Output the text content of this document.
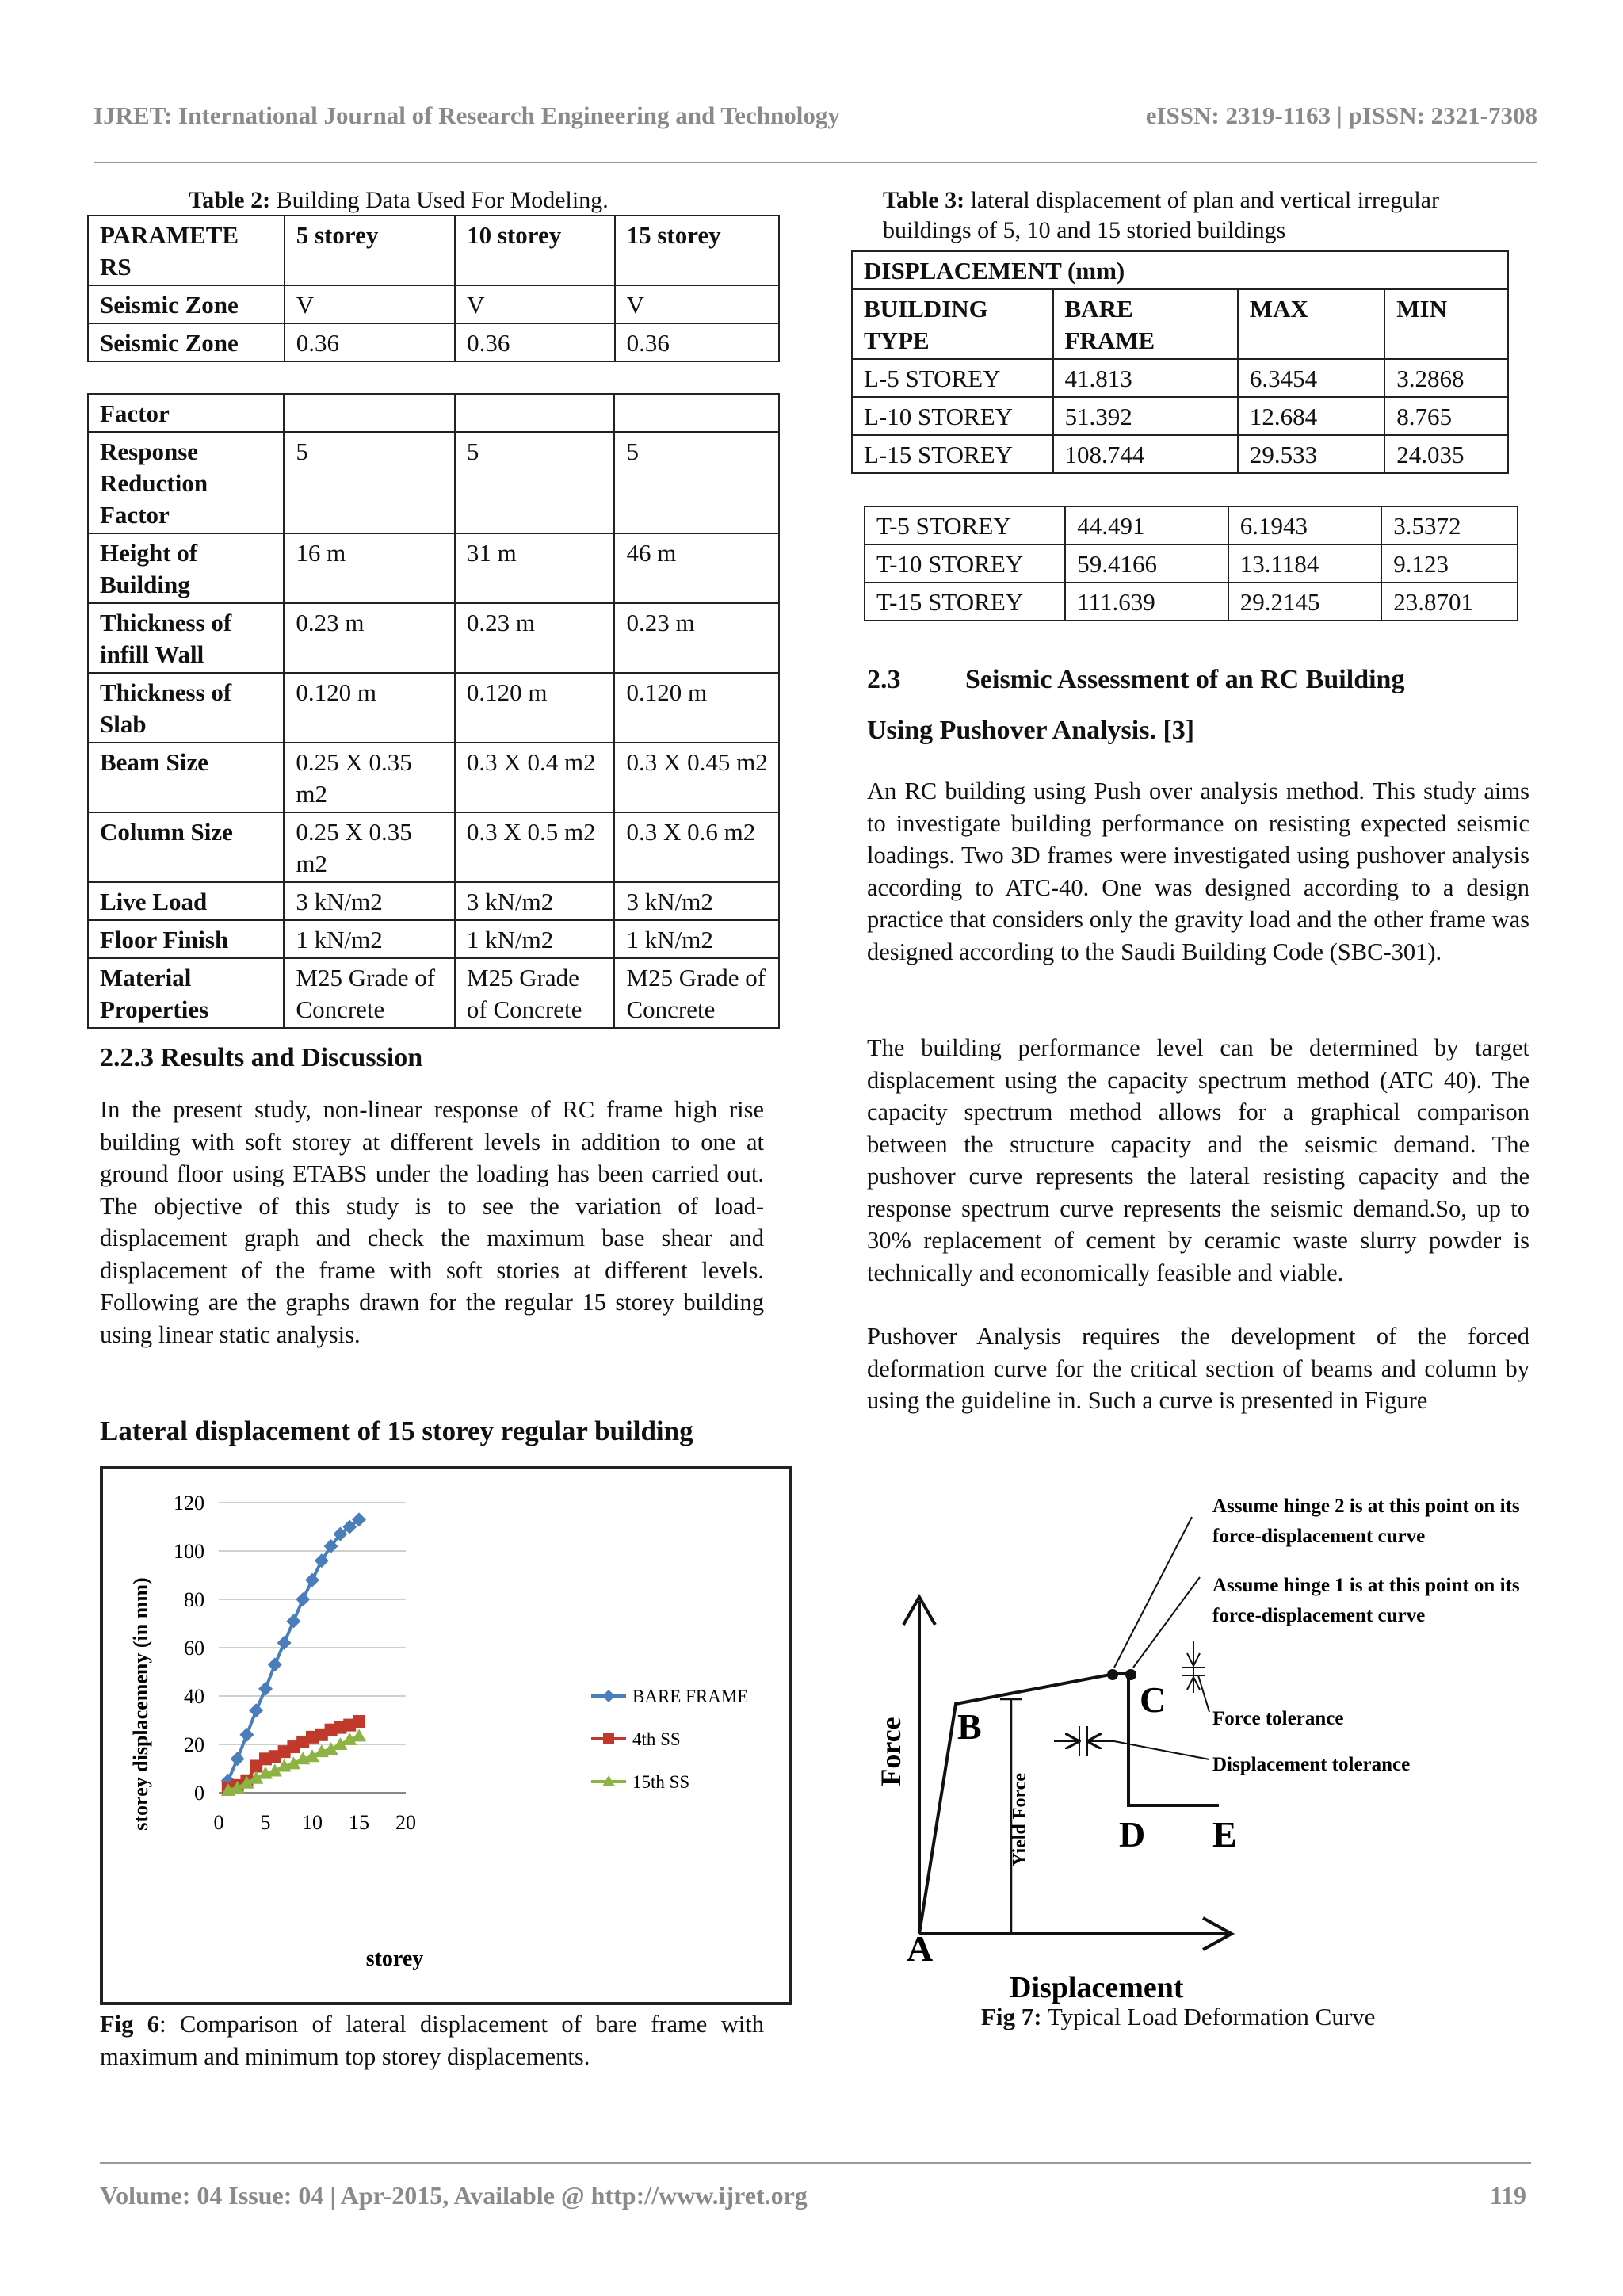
IJRET: International Journal of Research Engineering and Technology	eISSN: 2319-1163 | pISSN: 2321-7308
Table 2: Building Data Used For Modeling.
PARAMETE RS	5 storey	10 storey	15 storey
Seismic Zone	V	V	V
Seismic Zone	0.36	0.36	0.36
Factor			
Response Reduction Factor	5	5	5
Height of Building	16 m	31 m	46 m
Thickness of infill Wall	0.23 m	0.23 m	0.23 m
Thickness of Slab	0.120 m	0.120 m	0.120 m
Beam Size	0.25 X 0.35 m2	0.3 X 0.4 m2	0.3 X 0.45 m2
Column Size	0.25 X 0.35 m2	0.3 X 0.5 m2	0.3 X 0.6 m2
Live Load	3 kN/m2	3 kN/m2	3 kN/m2
Floor Finish	1 kN/m2	1 kN/m2	1 kN/m2
Material Properties	M25 Grade of Concrete	M25 Grade of Concrete	M25 Grade of Concrete
2.2.3 Results and Discussion
In the present study, non-linear response of RC frame high rise building with soft storey at different levels in addition to one at ground floor using ETABS under the loading has been carried out. The objective of this study is to see the variation of load- displacement graph and check the maximum base shear and displacement of the frame with soft stories at different levels. Following are the graphs drawn for the regular 15 storey building using linear static analysis.
Lateral displacement of 15 storey regular building
0
20
40
60
80
100
120
0 5 10 15 20
BARE FRAME
4th SS
15th SS
storey displacemeny (in mm)
storey
Fig 6: Comparison of lateral displacement of bare frame with maximum and minimum top storey displacements.
Table 3: lateral displacement of plan and vertical irregular buildings of 5, 10 and 15 storied buildings
DISPLACEMENT (mm)			
BUILDING TYPE	BARE FRAME	MAX	MIN
L-5 STOREY	41.813	6.3454	3.2868
L-10 STOREY	51.392	12.684	8.765
L-15 STOREY	108.744	29.533	24.035
T-5 STOREY	44.491	6.1943	3.5372
T-10 STOREY	59.4166	13.1184	9.123
T-15 STOREY	111.639	29.2145	23.8701
2.3 Seismic Assessment of an RC Building
Using Pushover Analysis. [3]
An RC building using Push over analysis method. This study aims to investigate building performance on resisting expected seismic loadings. Two 3D frames were investigated using pushover analysis according to ATC-40. One was designed according to a design practice that considers only the gravity load and the other frame was designed according to the Saudi Building Code (SBC-301).
The building performance level can be determined by target displacement using the capacity spectrum method (ATC 40). The capacity spectrum method allows for a graphical comparison between the structure capacity and the seismic demand. The pushover curve represents the lateral resisting capacity and the response spectrum curve represents the seismic demand.So, up to 30% replacement of cement by ceramic waste slurry powder is technically and economically feasible and viable.
Pushover Analysis requires the development of the forced deformation curve for the critical section of beams and column by using the guideline in. Such a curve is presented in Figure
Yield Force
Assume hinge 2 is at this point on its
force-displacement curve
Assume hinge 1 is at this point on its
force-displacement curve
Force tolerance
Displacement tolerance
A
B
C
D E
Force
Displacement
Fig 7: Typical Load Deformation Curve
Volume: 04 Issue: 04 | Apr-2015, Available @ http://www.ijret.org	119
